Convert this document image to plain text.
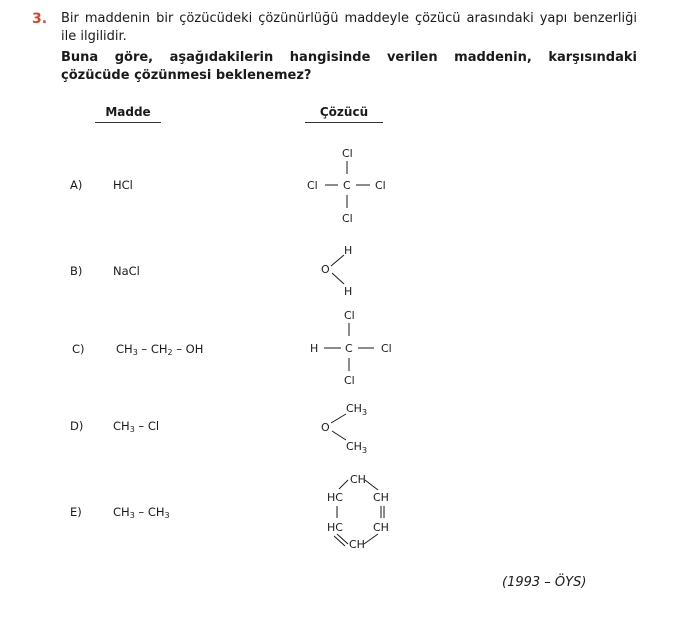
3. Bir maddenin bir çözücüdeki çözünürlüğü maddeyle çözücü arasındaki yapı benzerliği ile ilgilidir.
Buna göre, aşağıdakilerin hangisinde verilen maddenin, karşısındaki çözücüde çözünmesi beklenemez?
Madde	Çözücü
A)	HCl
Cl
Cl C Cl
Cl
B)	NaCl
H
O
H
C)	$CH_3 - CH_2$ – OH
Cl
H C	Cl
Cl
D)	$CH_3$ – Cl
$CH_3$
O
$CH_3$
E)	$CH_3 - CH_3$
CH
HC	CH
HC	CH
CH
(1993 – ÖYS)
